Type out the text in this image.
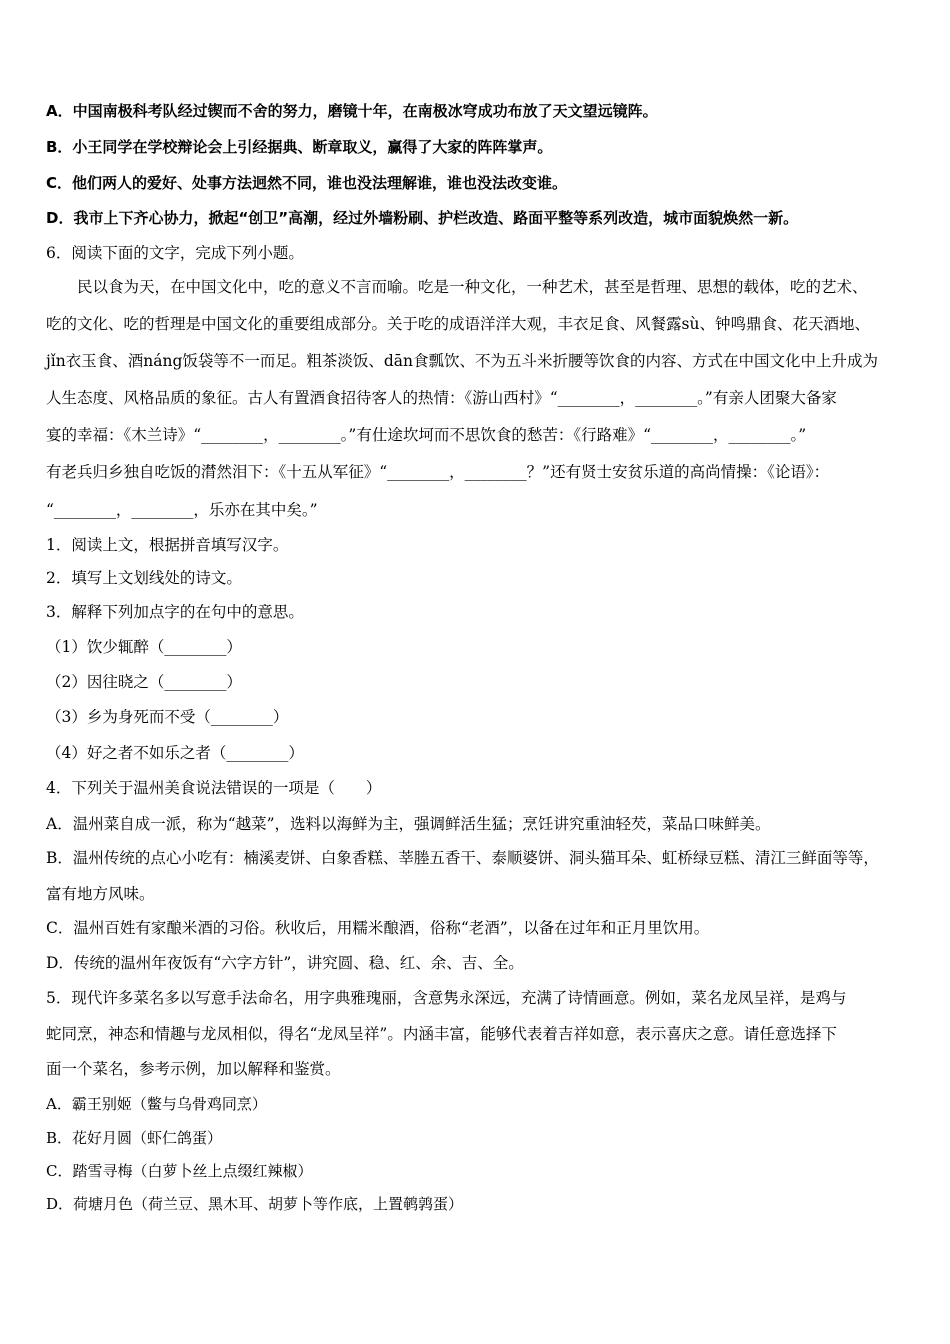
A．中国南极科考队经过锲而不舍的努力，磨镜十年，在南极冰穹成功布放了天文望远镜阵。
B．小王同学在学校辩论会上引经据典、断章取义，赢得了大家的阵阵掌声。
C．他们两人的爱好、处事方法迥然不同，谁也没法理解谁，谁也没法改变谁。
D．我市上下齐心协力，掀起“创卫”高潮，经过外墙粉刷、护栏改造、路面平整等系列改造，城市面貌焕然一新。
6．阅读下面的文字，完成下列小题。
　　民以食为天，在中国文化中，吃的意义不言而喻。吃是一种文化，一种艺术，甚至是哲理、思想的载体，吃的艺术、
吃的文化、吃的哲理是中国文化的重要组成部分。关于吃的成语洋洋大观，丰衣足食、风餐露sù、钟鸣鼎食、花天酒地、
jǐn衣玉食、酒náng饭袋等不一而足。粗茶淡饭、dān食瓢饮、不为五斗米折腰等饮食的内容、方式在中国文化中上升成为
人生态度、风格品质的象征。古人有置酒食招待客人的热情：《游山西村》“________，________。”有亲人团聚大备家
宴的幸福：《木兰诗》“________，________。”有仕途坎坷而不思饮食的愁苦：《行路难》“________，________。”
有老兵归乡独自吃饭的潸然泪下：《十五从军征》“________，________？”还有贤士安贫乐道的高尚情操：《论语》：
“________，________，乐亦在其中矣。”
1．阅读上文，根据拼音填写汉字。
2．填写上文划线处的诗文。
3．解释下列加点字的在句中的意思。
（1）饮少辄醉（________）
（2）因往晓之（________）
（3）乡为身死而不受（________）
（4）好之者不如乐之者（________）
4．下列关于温州美食说法错误的一项是（　　）
A．温州菜自成一派，称为“越菜”，选料以海鲜为主，强调鲜活生猛；烹饪讲究重油轻芡，菜品口味鲜美。
B．温州传统的点心小吃有：楠溪麦饼、白象香糕、莘塍五香干、泰顺婆饼、洞头猫耳朵、虹桥绿豆糕、清江三鲜面等等，
富有地方风味。
C．温州百姓有家酿米酒的习俗。秋收后，用糯米酿酒，俗称“老酒”，以备在过年和正月里饮用。
D．传统的温州年夜饭有“六字方针”，讲究圆、稳、红、余、吉、全。
5．现代许多菜名多以写意手法命名，用字典雅瑰丽，含意隽永深远，充满了诗情画意。例如，菜名龙凤呈祥，是鸡与
蛇同烹，神态和情趣与龙凤相似，得名“龙凤呈祥”。内涵丰富，能够代表着吉祥如意，表示喜庆之意。请任意选择下
面一个菜名，参考示例，加以解释和鉴赏。
A．霸王别姬（鳖与乌骨鸡同烹）
B．花好月圆（虾仁鸽蛋）
C．踏雪寻梅（白萝卜丝上点缀红辣椒）
D．荷塘月色（荷兰豆、黑木耳、胡萝卜等作底，上置鹌鹑蛋）
